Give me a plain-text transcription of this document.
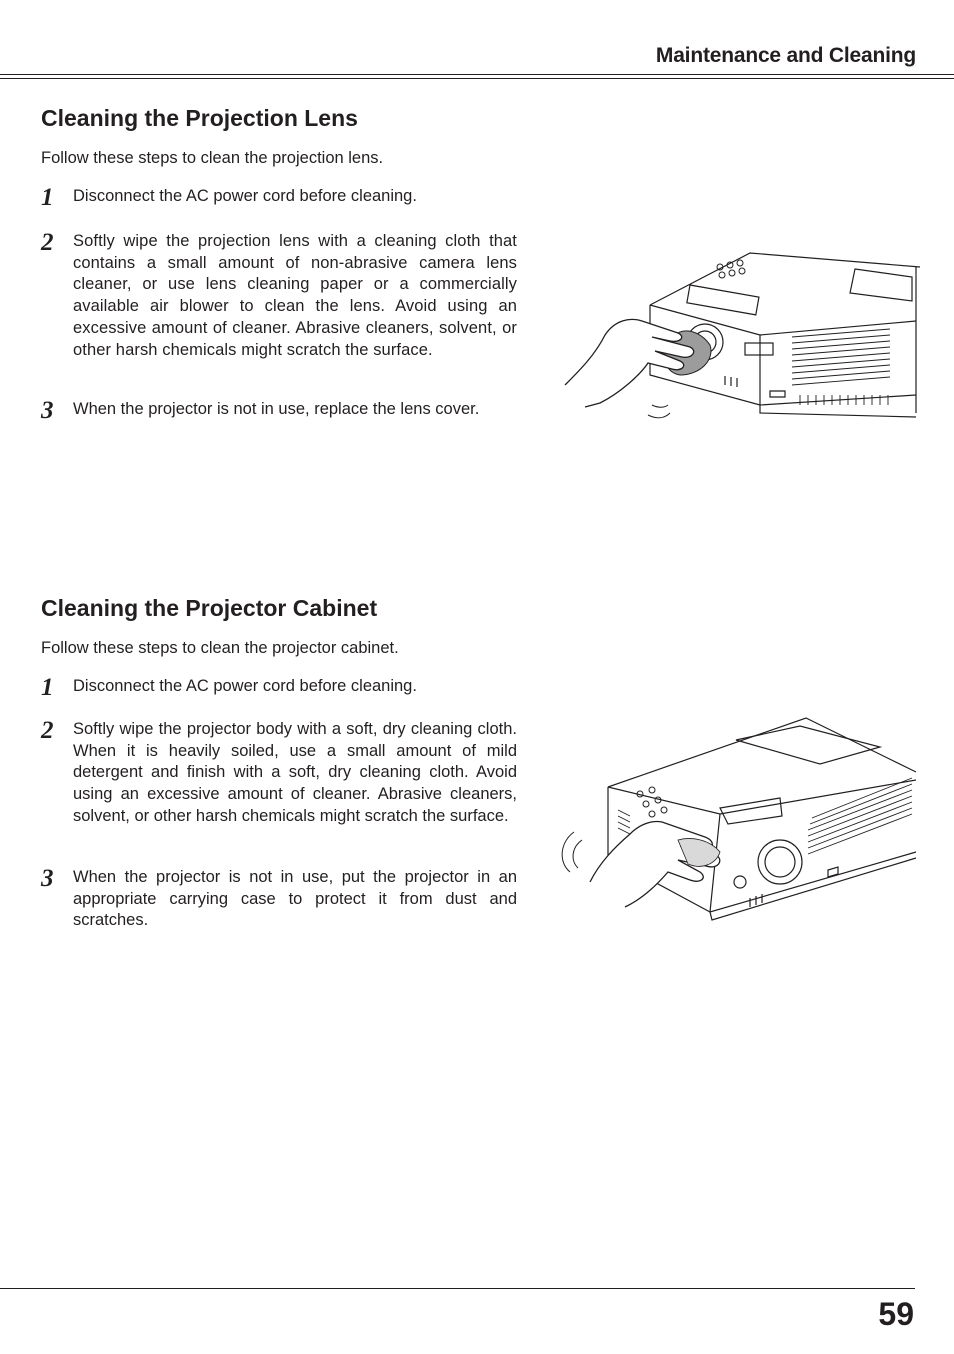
Maintenance and Cleaning
Cleaning the Projection Lens

Follow these steps to clean the projection lens.

1 Disconnect the AC power cord before cleaning.
2 Softly wipe the projection lens with a cleaning cloth that contains a small amount of non-abrasive camera lens cleaner, or use lens cleaning paper or a commercially available air blower to clean the lens. Avoid using an excessive amount of cleaner. Abrasive cleaners, solvent, or other harsh chemicals might scratch the surface.
3 When the projector is not in use, replace the lens cover.
Cleaning the Projector Cabinet

Follow these steps to clean the projector cabinet.

1 Disconnect the AC power cord before cleaning.
2 Softly wipe the projector body with a soft, dry cleaning cloth. When it is heavily soiled, use a small amount of mild detergent and finish with a soft, dry cleaning cloth. Avoid using an excessive amount of cleaner. Abrasive cleaners, solvent, or other harsh chemicals might scratch the surface.
3 When the projector is not in use, put the projector in an appropriate carrying case to protect it from dust and scratches.
59
